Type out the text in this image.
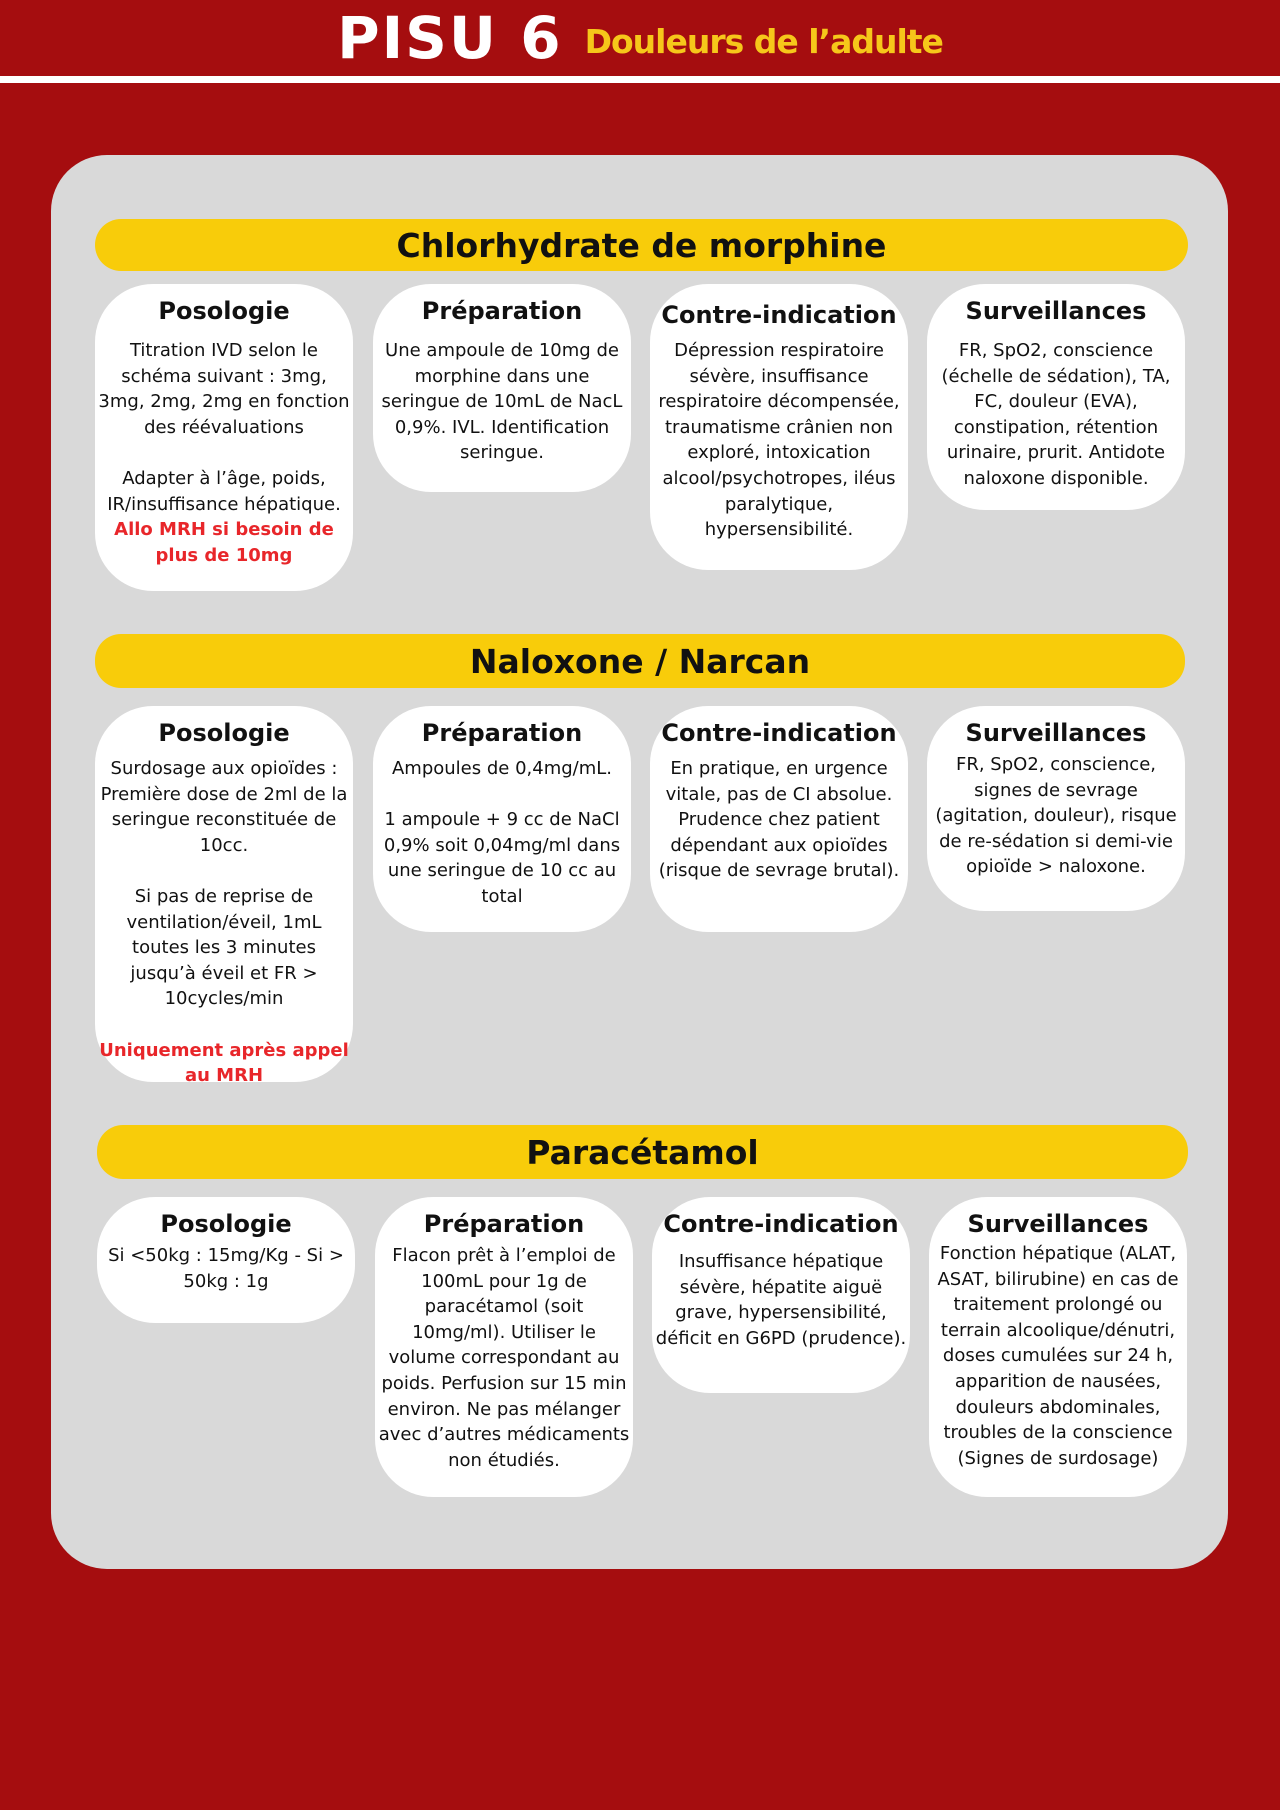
PISU 6 Douleurs de l’adulte
Chlorhydrate de morphine
Posologie

Titration IVD selon le schéma suivant : 3mg, 3mg, 2mg, 2mg en fonction des réévaluations

Adapter à l’âge, poids, IR/insuffisance hépatique.

Allo MRH si besoin de plus de 10mg

Préparation

Une ampoule de 10mg de morphine dans une seringue de 10mL de NacL 0,9%. IVL. Identification seringue.

Contre-indication

Dépression respiratoire sévère, insuffisance respiratoire décompensée, traumatisme crânien non exploré, intoxication alcool/psychotropes, iléus paralytique, hypersensibilité.

Surveillances

FR, SpO2, conscience (échelle de sédation), TA, FC, douleur (EVA), constipation, rétention urinaire, prurit. Antidote naloxone disponible.

Naloxone / Narcan
Posologie

Surdosage aux opioïdes : Première dose de 2ml de la seringue reconstituée de 10cc.

Si pas de reprise de ventilation/éveil, 1mL toutes les 3 minutes jusqu’à éveil et FR > 10cycles/min

Uniquement après appel au MRH

Préparation

Ampoules de 0,4mg/mL.

1 ampoule + 9 cc de NaCl 0,9% soit 0,04mg/ml dans une seringue de 10 cc au total

Contre-indication

En pratique, en urgence vitale, pas de CI absolue. Prudence chez patient dépendant aux opioïdes (risque de sevrage brutal).

Surveillances

FR, SpO2, conscience, signes de sevrage (agitation, douleur), risque de re-sédation si demi-vie opioïde > naloxone.

Paracétamol
Posologie

Si <50kg : 15mg/Kg - Si > 50kg : 1g

Préparation

Flacon prêt à l’emploi de 100mL pour 1g de paracétamol (soit 10mg/ml). Utiliser le volume correspondant au poids. Perfusion sur 15 min environ. Ne pas mélanger avec d’autres médicaments non étudiés.

Contre-indication

Insuffisance hépatique sévère, hépatite aiguë grave, hypersensibilité, déficit en G6PD (prudence).

Surveillances

Fonction hépatique (ALAT, ASAT, bilirubine) en cas de traitement prolongé ou terrain alcoolique/dénutri, doses cumulées sur 24 h, apparition de nausées, douleurs abdominales, troubles de la conscience (Signes de surdosage)
